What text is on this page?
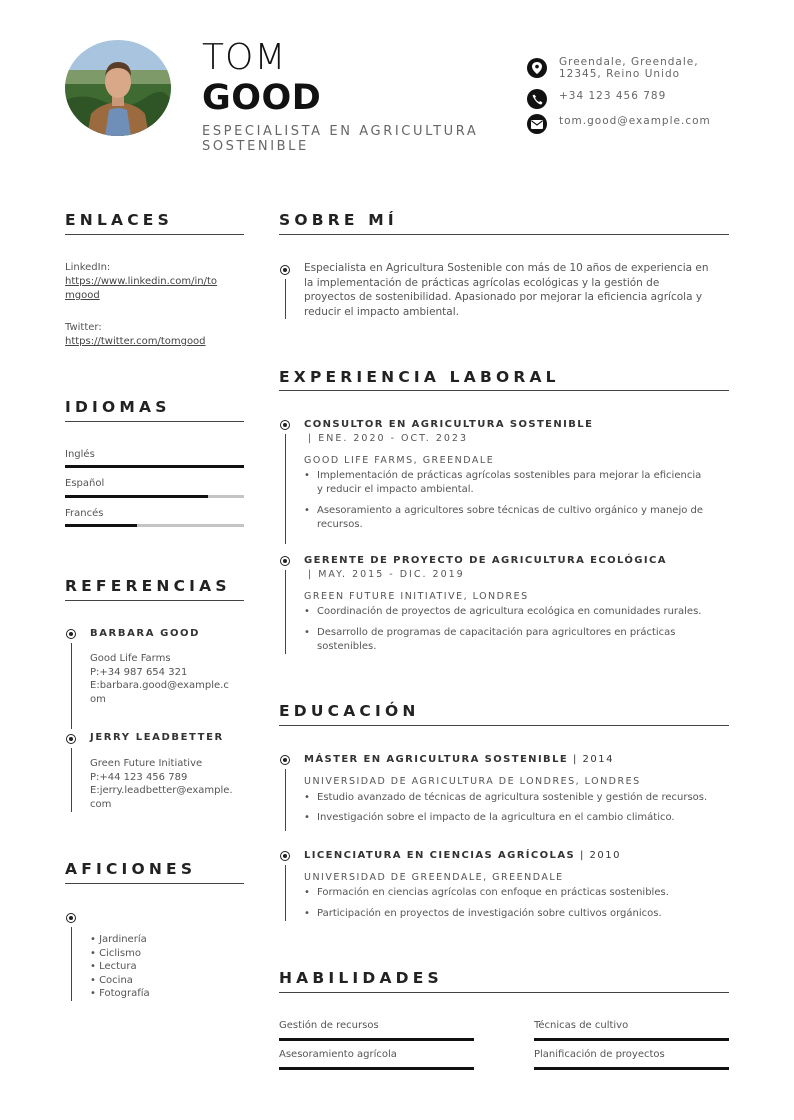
TOM
GOOD
ESPECIALISTA EN AGRICULTURA
SOSTENIBLE
Greendale, Greendale,
12345, Reino Unido
+34 123 456 789
tom.good@example.com
ENLACES
LinkedIn:
https://www.linkedin.com/in/to
mgood
Twitter:
https://twitter.com/tomgood
IDIOMAS
Inglés
Español
Francés
REFERENCIAS
BARBARA GOOD
Good Life Farms
P:+34 987 654 321
E:barbara.good@example.c
om
JERRY LEADBETTER
Green Future Initiative
P:+44 123 456 789
E:jerry.leadbetter@example.
com
AFICIONES
• Jardinería
• Ciclismo
• Lectura
• Cocina
• Fotografía
SOBRE MÍ
Especialista en Agricultura Sostenible con más de 10 años de experiencia en
la implementación de prácticas agrícolas ecológicas y la gestión de
proyectos de sostenibilidad. Apasionado por mejorar la eficiencia agrícola y
reducir el impacto ambiental.
EXPERIENCIA LABORAL
CONSULTOR EN AGRICULTURA SOSTENIBLE
| ENE. 2020 - OCT. 2023
GOOD LIFE FARMS, GREENDALE
• Implementación de prácticas agrícolas sostenibles para mejorar la eficiencia
y reducir el impacto ambiental.
• Asesoramiento a agricultores sobre técnicas de cultivo orgánico y manejo de
recursos.
GERENTE DE PROYECTO DE AGRICULTURA ECOLÓGICA
| MAY. 2015 - DIC. 2019
GREEN FUTURE INITIATIVE, LONDRES
• Coordinación de proyectos de agricultura ecológica en comunidades rurales.
• Desarrollo de programas de capacitación para agricultores en prácticas
sostenibles.
EDUCACIÓN
MÁSTER EN AGRICULTURA SOSTENIBLE | 2014
UNIVERSIDAD DE AGRICULTURA DE LONDRES, LONDRES
• Estudio avanzado de técnicas de agricultura sostenible y gestión de recursos.
• Investigación sobre el impacto de la agricultura en el cambio climático.
LICENCIATURA EN CIENCIAS AGRÍCOLAS | 2010
UNIVERSIDAD DE GREENDALE, GREENDALE
• Formación en ciencias agrícolas con enfoque en prácticas sostenibles.
• Participación en proyectos de investigación sobre cultivos orgánicos.
HABILIDADES
Gestión de recursos	Técnicas de cultivo
Asesoramiento agrícola	Planificación de proyectos
